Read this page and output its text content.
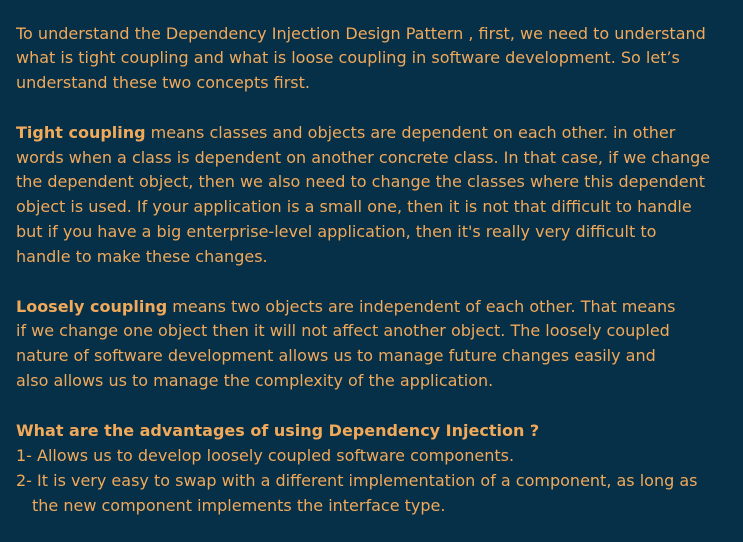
To understand the Dependency Injection Design Pattern , first, we need to understand
what is tight coupling and what is loose coupling in software development. So let’s
understand these two concepts first.
Tight coupling means classes and objects are dependent on each other. in other
words when a class is dependent on another concrete class. In that case, if we change
the dependent object, then we also need to change the classes where this dependent
object is used. If your application is a small one, then it is not that difficult to handle
but if you have a big enterprise-level application, then it's really very difficult to
handle to make these changes.
Loosely coupling means two objects are independent of each other. That means
if we change one object then it will not affect another object. The loosely coupled
nature of software development allows us to manage future changes easily and
also allows us to manage the complexity of the application.
What are the advantages of using Dependency Injection ?
1- Allows us to develop loosely coupled software components.
2- It is very easy to swap with a different implementation of a component, as long as
the new component implements the interface type.
